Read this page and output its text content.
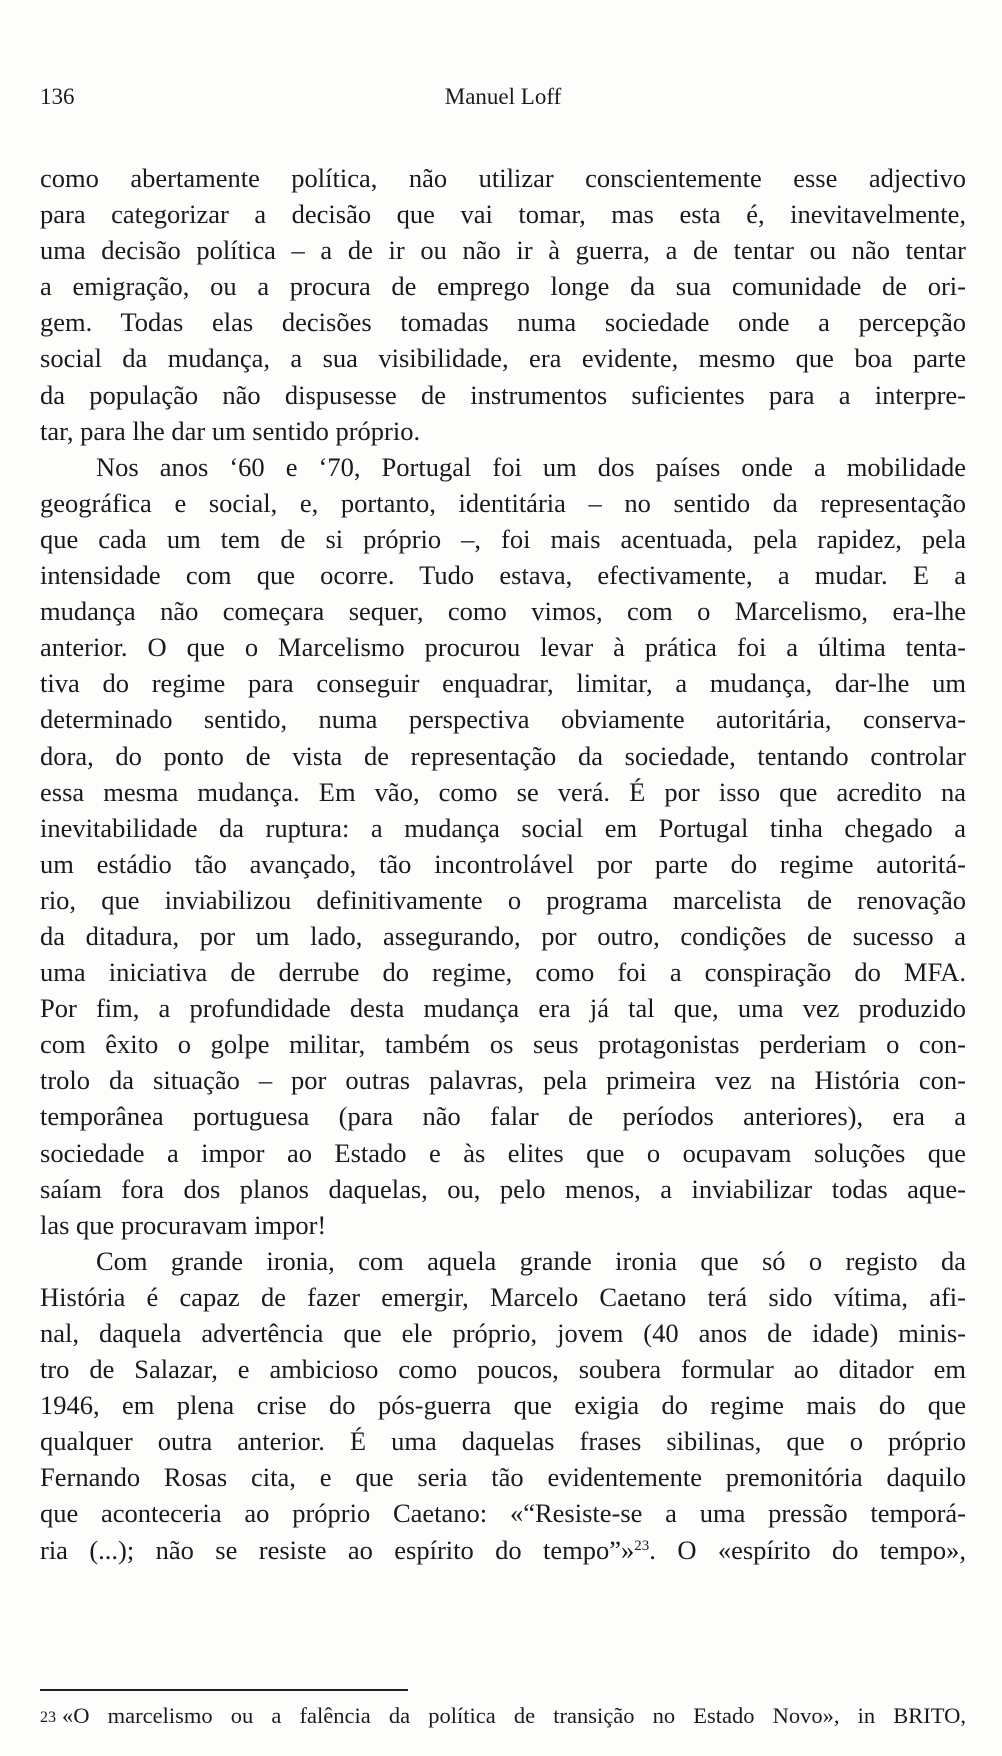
136	Manuel Loff
como abertamente política, não utilizar conscientemente esse adjectivo
para categorizar a decisão que vai tomar, mas esta é, inevitavelmente,
uma decisão política – a de ir ou não ir à guerra, a de tentar ou não tentar
a emigração, ou a procura de emprego longe da sua comunidade de ori-
gem. Todas elas decisões tomadas numa sociedade onde a percepção
social da mudança, a sua visibilidade, era evidente, mesmo que boa parte
da população não dispusesse de instrumentos suficientes para a interpre-
tar, para lhe dar um sentido próprio.
Nos anos ‘60 e ‘70, Portugal foi um dos países onde a mobilidade
geográfica e social, e, portanto, identitária – no sentido da representação
que cada um tem de si próprio –, foi mais acentuada, pela rapidez, pela
intensidade com que ocorre. Tudo estava, efectivamente, a mudar. E a
mudança não começara sequer, como vimos, com o Marcelismo, era-lhe
anterior. O que o Marcelismo procurou levar à prática foi a última tenta-
tiva do regime para conseguir enquadrar, limitar, a mudança, dar-lhe um
determinado sentido, numa perspectiva obviamente autoritária, conserva-
dora, do ponto de vista de representação da sociedade, tentando controlar
essa mesma mudança. Em vão, como se verá. É por isso que acredito na
inevitabilidade da ruptura: a mudança social em Portugal tinha chegado a
um estádio tão avançado, tão incontrolável por parte do regime autoritá-
rio, que inviabilizou definitivamente o programa marcelista de renovação
da ditadura, por um lado, assegurando, por outro, condições de sucesso a
uma iniciativa de derrube do regime, como foi a conspiração do MFA.
Por fim, a profundidade desta mudança era já tal que, uma vez produzido
com êxito o golpe militar, também os seus protagonistas perderiam o con-
trolo da situação – por outras palavras, pela primeira vez na História con-
temporânea portuguesa (para não falar de períodos anteriores), era a
sociedade a impor ao Estado e às elites que o ocupavam soluções que
saíam fora dos planos daquelas, ou, pelo menos, a inviabilizar todas aque-
las que procuravam impor!
Com grande ironia, com aquela grande ironia que só o registo da
História é capaz de fazer emergir, Marcelo Caetano terá sido vítima, afi-
nal, daquela advertência que ele próprio, jovem (40 anos de idade) minis-
tro de Salazar, e ambicioso como poucos, soubera formular ao ditador em
1946, em plena crise do pós-guerra que exigia do regime mais do que
qualquer outra anterior. É uma daquelas frases sibilinas, que o próprio
Fernando Rosas cita, e que seria tão evidentemente premonitória daquilo
que aconteceria ao próprio Caetano: «“Resiste-se a uma pressão temporá-
ria (...); não se resiste ao espírito do tempo”»$^{23}$. O «espírito do tempo»,
23 «O marcelismo ou a falência da política de transição no Estado Novo», in BRITO,
